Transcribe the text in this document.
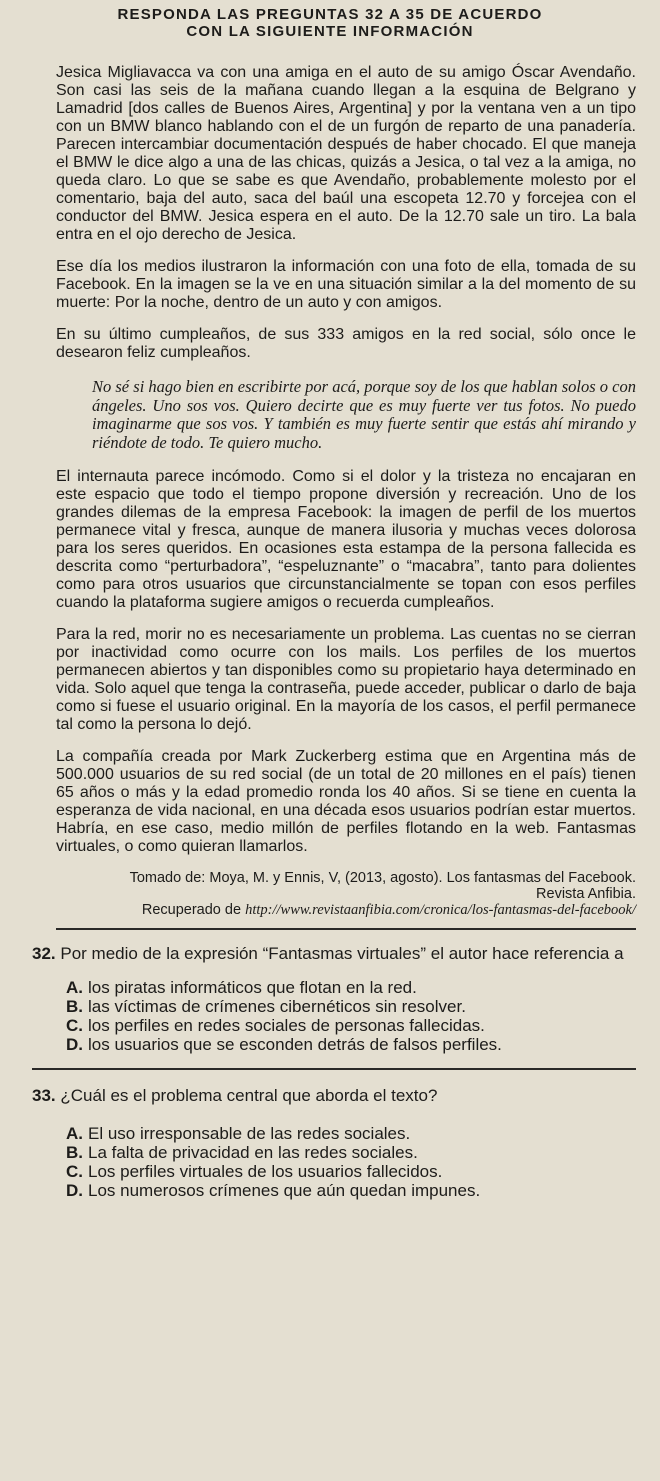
RESPONDA LAS PREGUNTAS 32 A 35 DE ACUERDO
CON LA SIGUIENTE INFORMACIÓN

Jesica Migliavacca va con una amiga en el auto de su amigo Óscar Avendaño. Son casi las seis de la mañana cuando llegan a la esquina de Belgrano y Lamadrid [dos calles de Buenos Aires, Argentina] y por la ventana ven a un tipo con un BMW blanco hablando con el de un furgón de reparto de una panadería. Parecen intercambiar documentación después de haber chocado. El que maneja el BMW le dice algo a una de las chicas, quizás a Jesica, o tal vez a la amiga, no queda claro. Lo que se sabe es que Avendaño, probablemente molesto por el comentario, baja del auto, saca del baúl una escopeta 12.70 y forcejea con el conductor del BMW. Jesica espera en el auto. De la 12.70 sale un tiro. La bala entra en el ojo derecho de Jesica.

Ese día los medios ilustraron la información con una foto de ella, tomada de su Facebook. En la imagen se la ve en una situación similar a la del momento de su muerte: Por la noche, dentro de un auto y con amigos.

En su último cumpleaños, de sus 333 amigos en la red social, sólo once le desearon feliz cumpleaños.

No sé si hago bien en escribirte por acá, porque soy de los que hablan solos o con ángeles. Uno sos vos. Quiero decirte que es muy fuerte ver tus fotos. No puedo imaginarme que sos vos. Y también es muy fuerte sentir que estás ahí mirando y riéndote de todo. Te quiero mucho.

El internauta parece incómodo. Como si el dolor y la tristeza no encajaran en este espacio que todo el tiempo propone diversión y recreación. Uno de los grandes dilemas de la empresa Facebook: la imagen de perfil de los muertos permanece vital y fresca, aunque de manera ilusoria y muchas veces dolorosa para los seres queridos. En ocasiones esta estampa de la persona fallecida es descrita como “perturbadora”, “espeluznante” o “macabra”, tanto para dolientes como para otros usuarios que circunstancialmente se topan con esos perfiles cuando la plataforma sugiere amigos o recuerda cumpleaños.

Para la red, morir no es necesariamente un problema. Las cuentas no se cierran por inactividad como ocurre con los mails. Los perfiles de los muertos permanecen abiertos y tan disponibles como su propietario haya determinado en vida. Solo aquel que tenga la contraseña, puede acceder, publicar o darlo de baja como si fuese el usuario original. En la mayoría de los casos, el perfil permanece tal como la persona lo dejó.

La compañía creada por Mark Zuckerberg estima que en Argentina más de 500.000 usuarios de su red social (de un total de 20 millones en el país) tienen 65 años o más y la edad promedio ronda los 40 años. Si se tiene en cuenta la esperanza de vida nacional, en una década esos usuarios podrían estar muertos. Habría, en ese caso, medio millón de perfiles flotando en la web. Fantasmas virtuales, o como quieran llamarlos.

Tomado de: Moya, M. y Ennis, V, (2013, agosto). Los fantasmas del Facebook.

Revista Anfibia.

Recuperado de http://www.revistaanfibia.com/cronica/los-fantasmas-del-facebook/

32. Por medio de la expresión “Fantasmas virtuales” el autor hace referencia a

A. los piratas informáticos que flotan en la red.

B. las víctimas de crímenes cibernéticos sin resolver.

C. los perfiles en redes sociales de personas fallecidas.

D. los usuarios que se esconden detrás de falsos perfiles.

33. ¿Cuál es el problema central que aborda el texto?

A. El uso irresponsable de las redes sociales.

B. La falta de privacidad en las redes sociales.

C. Los perfiles virtuales de los usuarios fallecidos.

D. Los numerosos crímenes que aún quedan impunes.
